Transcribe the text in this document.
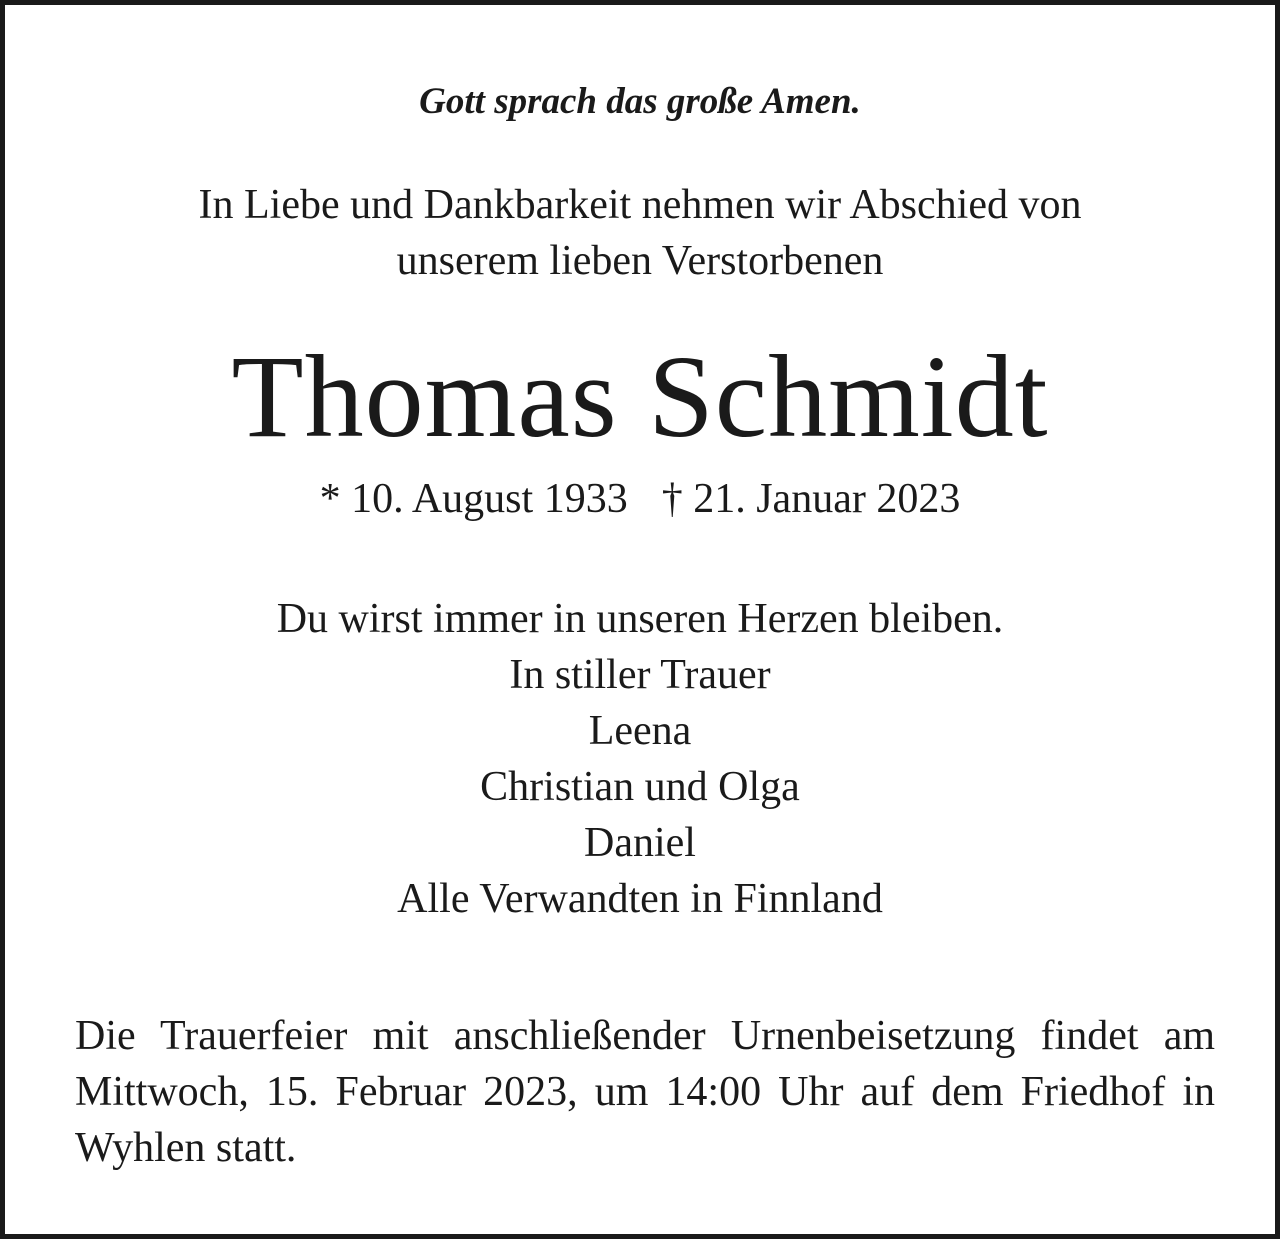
Gott sprach das große Amen.
In Liebe und Dankbarkeit nehmen wir Abschied von
unserem lieben Verstorbenen
Thomas Schmidt
* 10. August 1933 † 21. Januar 2023
Du wirst immer in unseren Herzen bleiben.
In stiller Trauer
Leena
Christian und Olga
Daniel
Alle Verwandten in Finnland
Die Trauerfeier mit anschließender Urnenbeisetzung findet am Mittwoch, 15. Februar 2023, um 14:00 Uhr auf dem Friedhof in Wyhlen statt.
